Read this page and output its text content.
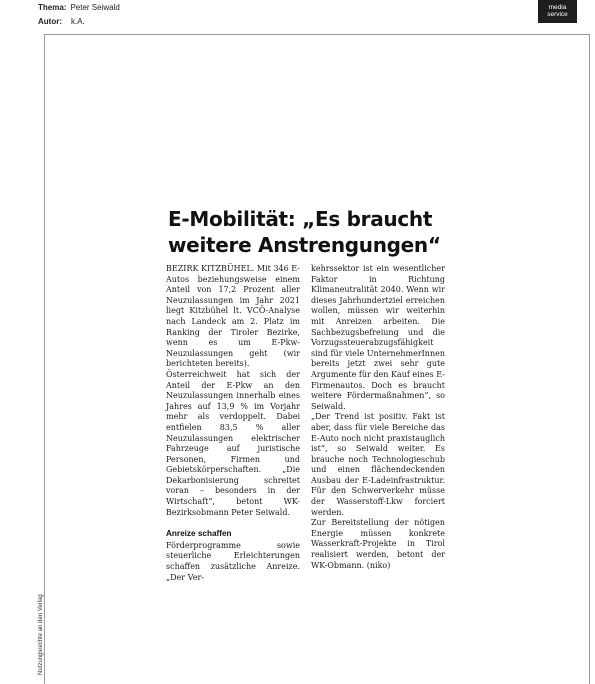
Thema: Peter Seiwald
Autor: k.A.
media
service
Nutzungsrechte an den Verlag
E-Mobilität: „Es braucht weitere Anstrengungen“

BEZIRK KITZBÜHEL. Mit 346 E-Autos beziehungsweise einem Anteil von 17,2 Prozent aller Neuzulassungen im Jahr 2021 liegt Kitzbühel lt. VCÖ-Analyse nach Landeck am 2. Platz im Ranking der Tiroler Bezirke, wenn es um E-Pkw-Neuzulassungen geht (wir berichteten bereits).

Österreichweit hat sich der Anteil der E-Pkw an den Neuzulassungen innerhalb eines Jahres auf 13,9 % im Vorjahr mehr als verdoppelt. Dabei entfielen 83,5 % aller Neuzulassungen elektrischer Fahrzeuge auf juristische Personen, Firmen und Gebietskörperschaften. „Die Dekarbonisierung schreitet voran – besonders in der Wirtschaft“, betont WK-Bezirksobmann Peter Seiwald.

Anreize schaffen

Förderprogramme sowie steuerliche Erleichterungen schaffen zusätzliche Anreize. „Der Ver-

kehrssektor ist ein wesentlicher Faktor in Richtung Klimaneutralität 2040. Wenn wir dieses Jahrhundertziel erreichen wollen, müssen wir weiterhin mit Anreizen arbeiten. Die Sachbezugsbefreiung und die Vorzugssteuerabzugsfähigkeit sind für viele UnternehmerInnen bereits jetzt zwei sehr gute Argumente für den Kauf eines E-Firmenautos. Doch es braucht weitere Fördermaßnahmen“, so Seiwald.

„Der Trend ist positiv. Fakt ist aber, dass für viele Bereiche das E-Auto noch nicht praxistauglich ist“, so Seiwald weiter. Es brauche noch Technologieschub und einen flächendeckenden Ausbau der E-Ladeinfrastruktur. Für den Schwerverkehr müsse der Wasserstoff-Lkw forciert werden.

Zur Bereitstellung der nötigen Energie müssen konkrete Wasserkraft-Projekte in Tirol realisiert werden, betont der WK-Obmann. (niko)
